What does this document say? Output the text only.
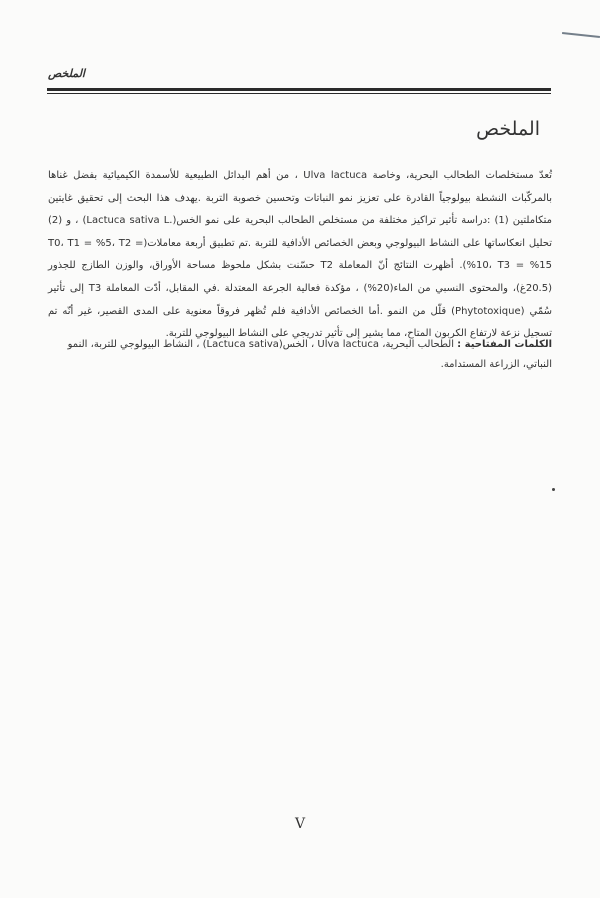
الملخص
الملخص

تُعدّ مستخلصات الطحالب البحرية، وخاصة Ulva lactuca ، من أهم البدائل الطبيعية للأسمدة الكيميائية بفضل غناها بالمركّبات النشطة بيولوجياً القادرة على تعزيز نمو النباتات وتحسين خصوبة التربة .يهدف هذا البحث إلى تحقيق غايتين متكاملتين (1) :دراسة تأثير تراكيز مختلفة من مستخلص الطحالب البحرية على نمو الخس(.Lactuca sativa L) ، و (2) تحليل انعكاساتها على النشاط البيولوجي وبعض الخصائص الأدافية للتربة .تم تطبيق أربعة معاملات(T0، T1 = %5، T2 = %10، T3 = %15). أظهرت النتائج أنّ المعاملة T2 حسّنت بشكل ملحوظ مساحة الأوراق، والوزن الطازج للجذور (20.5غ)، والمحتوى النسبي من الماء(20%) ، مؤكدة فعالية الجرعة المعتدلة .في المقابل، أدّت المعاملة T3 إلى تأثير سُمّي (Phytotoxique) قلّل من النمو .أما الخصائص الأدافية فلم تُظهر فروقاً معنوية على المدى القصير، غير أنّه تم تسجيل نزعة لارتفاع الكربون المتاح، مما يشير إلى تأثير تدريجي على النشاط البيولوجي للتربة.

الكلمات المفتاحية : الطحالب البحرية، Ulva lactuca ، الخس(Lactuca sativa) ، النشاط البيولوجي للتربة، النمو النباتي، الزراعة المستدامة.
V
